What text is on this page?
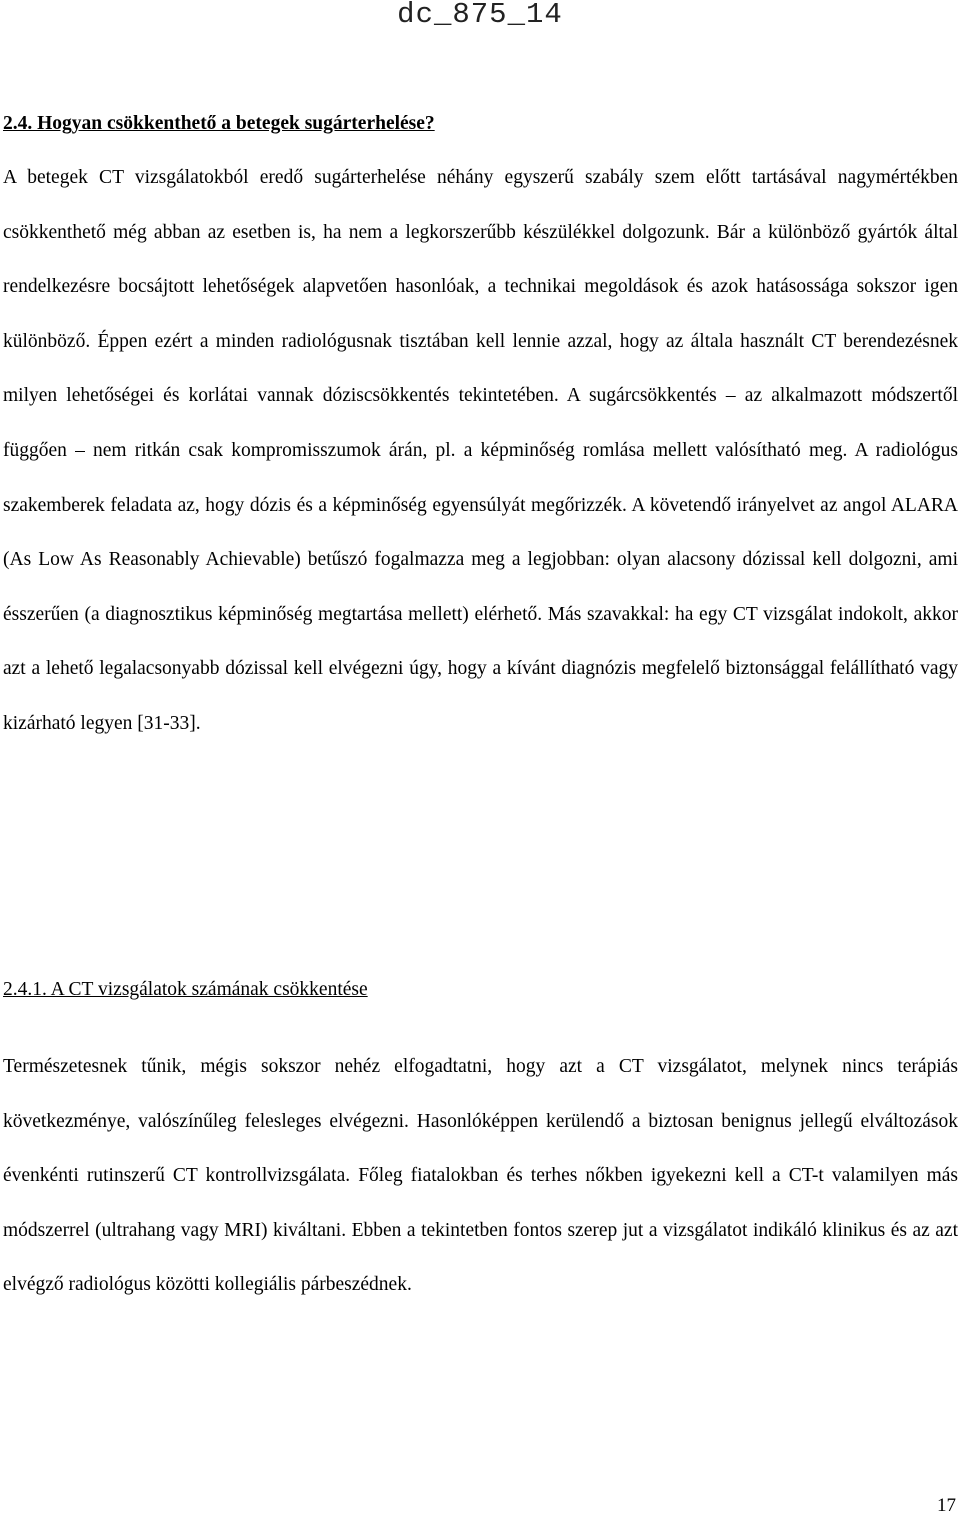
dc_875_14
2.4. Hogyan csökkenthető a betegek sugárterhelése?

A betegek CT vizsgálatokból eredő sugárterhelése néhány egyszerű szabály szem előtt tartásával nagymértékben csökkenthető még abban az esetben is, ha nem a legkorszerűbb készülékkel dolgozunk. Bár a különböző gyártók által rendelkezésre bocsájtott lehetőségek alapvetően hasonlóak, a technikai megoldások és azok hatásossága sokszor igen különböző. Éppen ezért a minden radiológusnak tisztában kell lennie azzal, hogy az általa használt CT berendezésnek milyen lehetőségei és korlátai vannak dóziscsökkentés tekintetében. A sugárcsökkentés – az alkalmazott módszertől függően – nem ritkán csak kompromisszumok árán, pl. a képminőség romlása mellett valósítható meg. A radiológus szakemberek feladata az, hogy dózis és a képminőség egyensúlyát megőrizzék. A követendő irányelvet az angol ALARA (As Low As Reasonably Achievable) betűszó fogalmazza meg a legjobban: olyan alacsony dózissal kell dolgozni, ami ésszerűen (a diagnosztikus képminőség megtartása mellett) elérhető. Más szavakkal: ha egy CT vizsgálat indokolt, akkor azt a lehető legalacsonyabb dózissal kell elvégezni úgy, hogy a kívánt diagnózis megfelelő biztonsággal felállítható vagy kizárható legyen [31-33].

2.4.1. A CT vizsgálatok számának csökkentése

Természetesnek tűnik, mégis sokszor nehéz elfogadtatni, hogy azt a CT vizsgálatot, melynek nincs terápiás következménye, valószínűleg felesleges elvégezni. Hasonlóképpen kerülendő a biztosan benignus jellegű elváltozások évenkénti rutinszerű CT kontrollvizsgálata. Főleg fiatalokban és terhes nőkben igyekezni kell a CT-t valamilyen más módszerrel (ultrahang vagy MRI) kiváltani. Ebben a tekintetben fontos szerep jut a vizsgálatot indikáló klinikus és az azt elvégző radiológus közötti kollegiális párbeszédnek.

17
